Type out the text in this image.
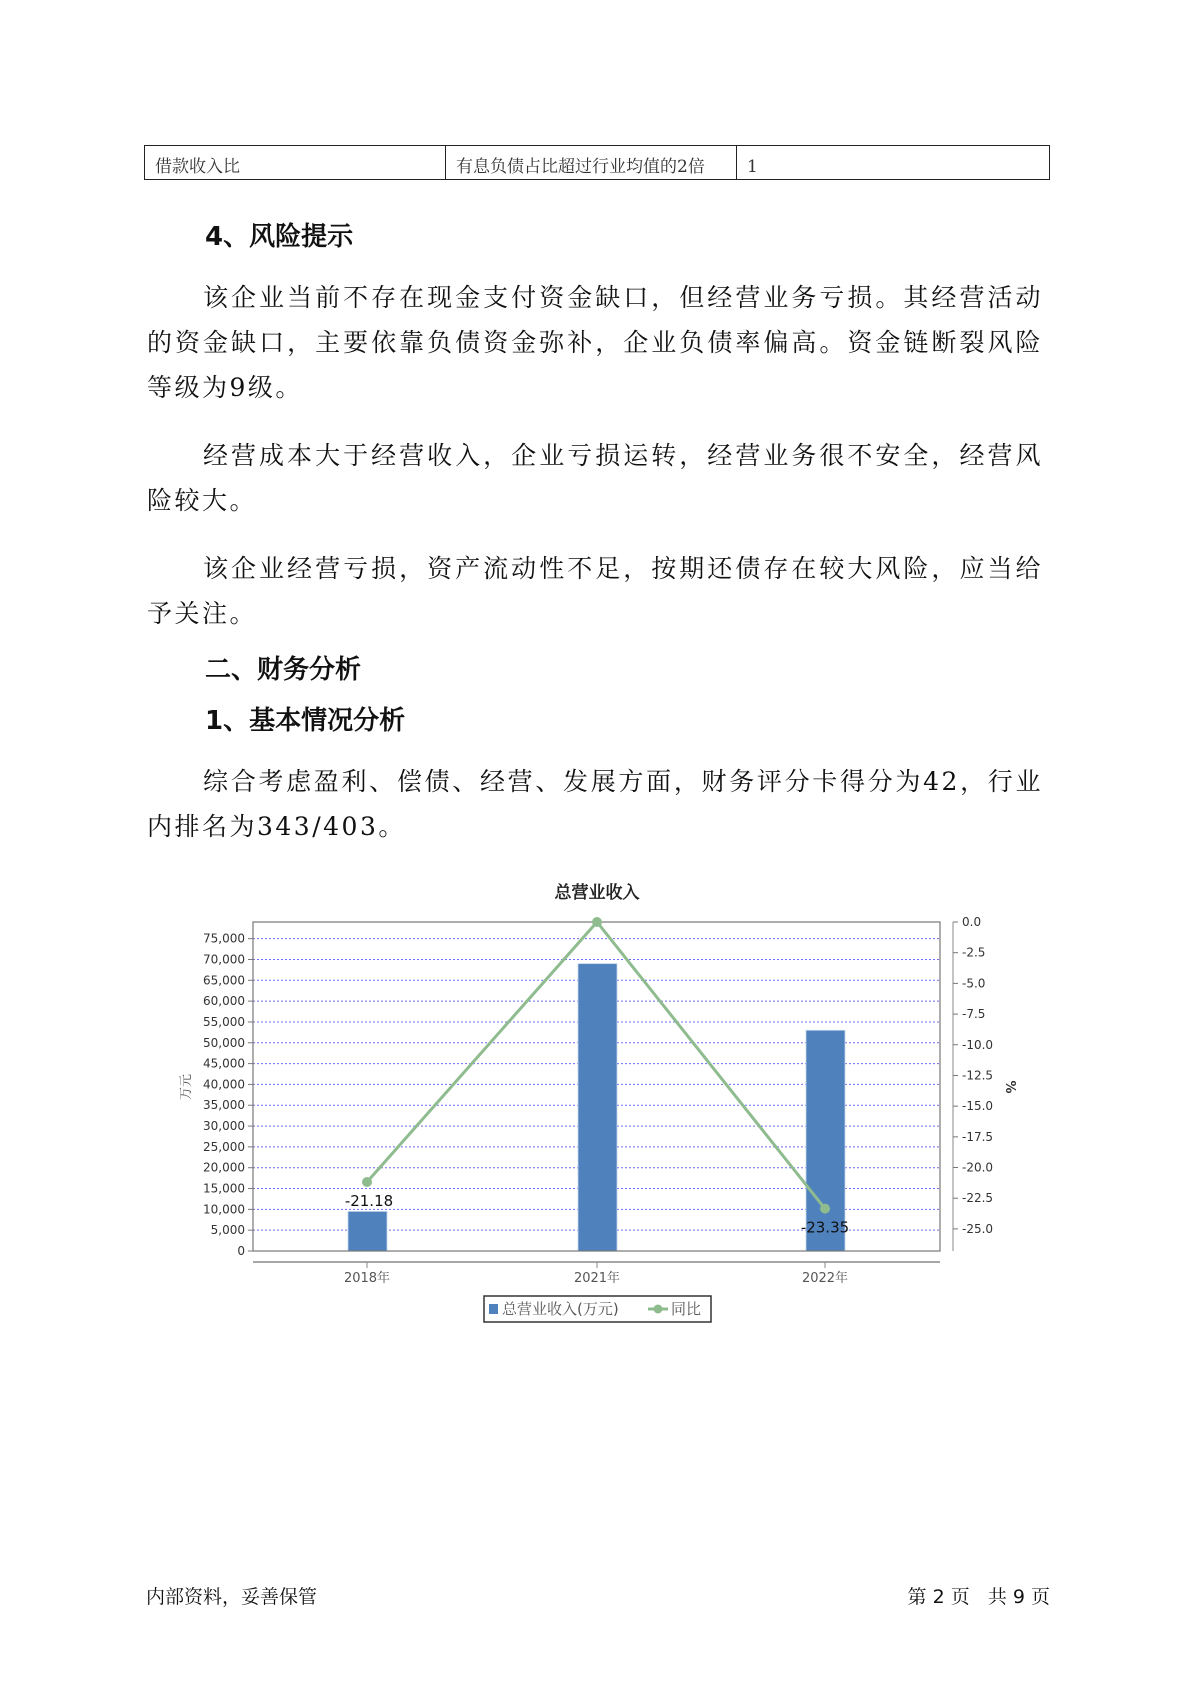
借款收入比	有息负债占比超过行业均值的2倍	1
4、风险提示

该企业当前不存在现金支付资金缺口，但经营业务亏损。其经营活动的资金缺口，主要依靠负债资金弥补，企业负债率偏高。资金链断裂风险等级为9级。

经营成本大于经营收入，企业亏损运转，经营业务很不安全，经营风险较大。

该企业经营亏损，资产流动性不足，按期还债存在较大风险，应当给予关注。

二、财务分析
1、基本情况分析

综合考虑盈利、偿债、经营、发展方面，财务评分卡得分为42，行业内排名为343/403。

总营业收入
-21.18
-23.35
0
5,000
10,000
15,000
20,000
25,000
30,000
35,000
40,000
45,000
50,000
55,000
60,000
65,000
70,000
75,000
0.0
-2.5
-5.0
-7.5
-10.0
-12.5
-15.0
-17.5
-20.0
-22.5
-25.0
2018年	2021年	2022年
万元	%
总营业收入(万元)	同比
内部资料，妥善保管	第 2 页   共 9 页
